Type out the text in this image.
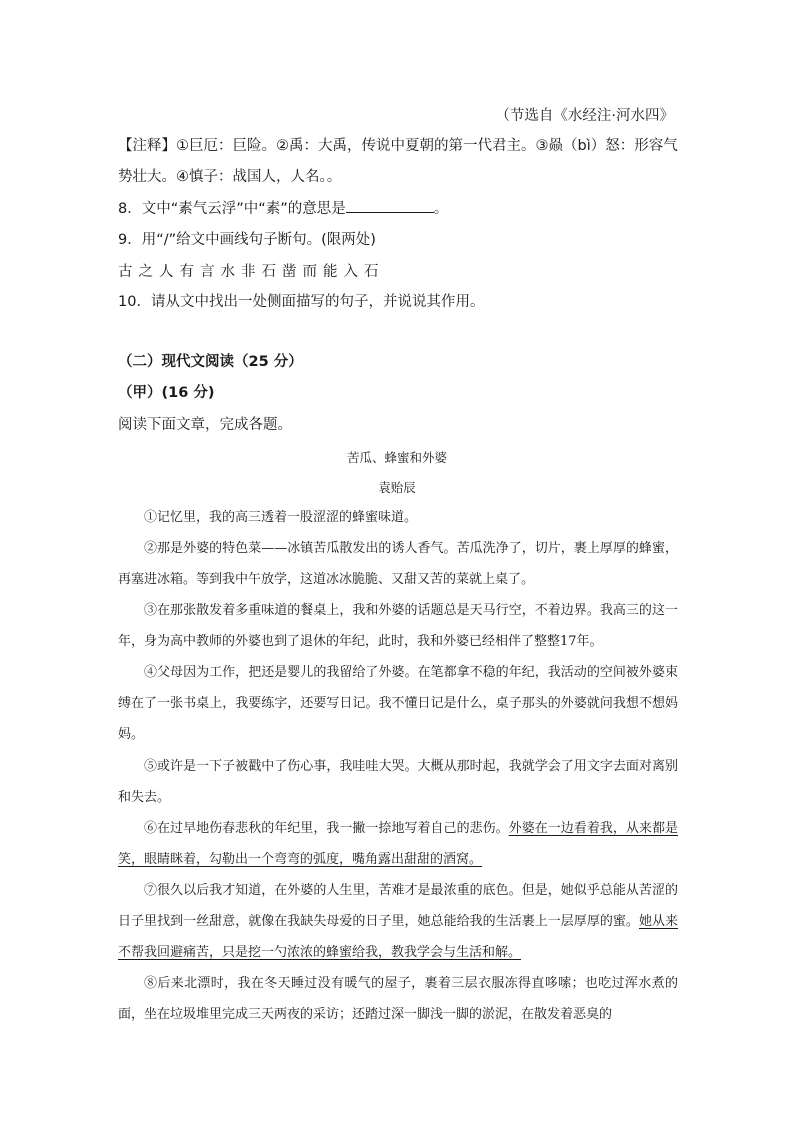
（节选自《水经注·河水四》
【注释】①巨厄：巨险。②禹：大禹，传说中夏朝的第一代君主。③赑（bì）怒：形容气
势壮大。④慎子：战国人，人名。。
8．文中“素气云浮”中“素”的意思是	。
9．用“/”给文中画线句子断句。(限两处)
古之人有言水非石凿而能入石
10．请从文中找出一处侧面描写的句子，并说说其作用。
（二）现代文阅读（25 分）
（甲）(16 分)
阅读下面文章，完成各题。
苦瓜、蜂蜜和外婆
袁贻辰
①记忆里，我的高三透着一股涩涩的蜂蜜味道。
②那是外婆的特色菜——冰镇苦瓜散发出的诱人香气。苦瓜洗净了，切片，裹上厚厚的蜂蜜，再塞进冰箱。等到我中午放学，这道冰冰脆脆、又甜又苦的菜就上桌了。
③在那张散发着多重味道的餐桌上，我和外婆的话题总是天马行空，不着边界。我高三的这一年，身为高中教师的外婆也到了退休的年纪，此时，我和外婆已经相伴了整整17年。
④父母因为工作，把还是婴儿的我留给了外婆。在笔都拿不稳的年纪，我活动的空间被外婆束缚在了一张书桌上，我要练字，还要写日记。我不懂日记是什么，桌子那头的外婆就问我想不想妈妈。
⑤或许是一下子被戳中了伤心事，我哇哇大哭。大概从那时起，我就学会了用文字去面对离别和失去。
⑥在过早地伤春悲秋的年纪里，我一撇一捺地写着自己的悲伤。外婆在一边看着我，从来都是笑，眼睛眯着，勾勒出一个弯弯的弧度，嘴角露出甜甜的酒窝。
⑦很久以后我才知道，在外婆的人生里，苦难才是最浓重的底色。但是，她似乎总能从苦涩的日子里找到一丝甜意，就像在我缺失母爱的日子里，她总能给我的生活裹上一层厚厚的蜜。她从来不帮我回避痛苦，只是挖一勺浓浓的蜂蜜给我，教我学会与生活和解。
⑧后来北漂时，我在冬天睡过没有暖气的屋子，裹着三层衣服冻得直哆嗦；也吃过浑水煮的面，坐在垃圾堆里完成三天两夜的采访；还踏过深一脚浅一脚的淤泥，在散发着恶臭的
